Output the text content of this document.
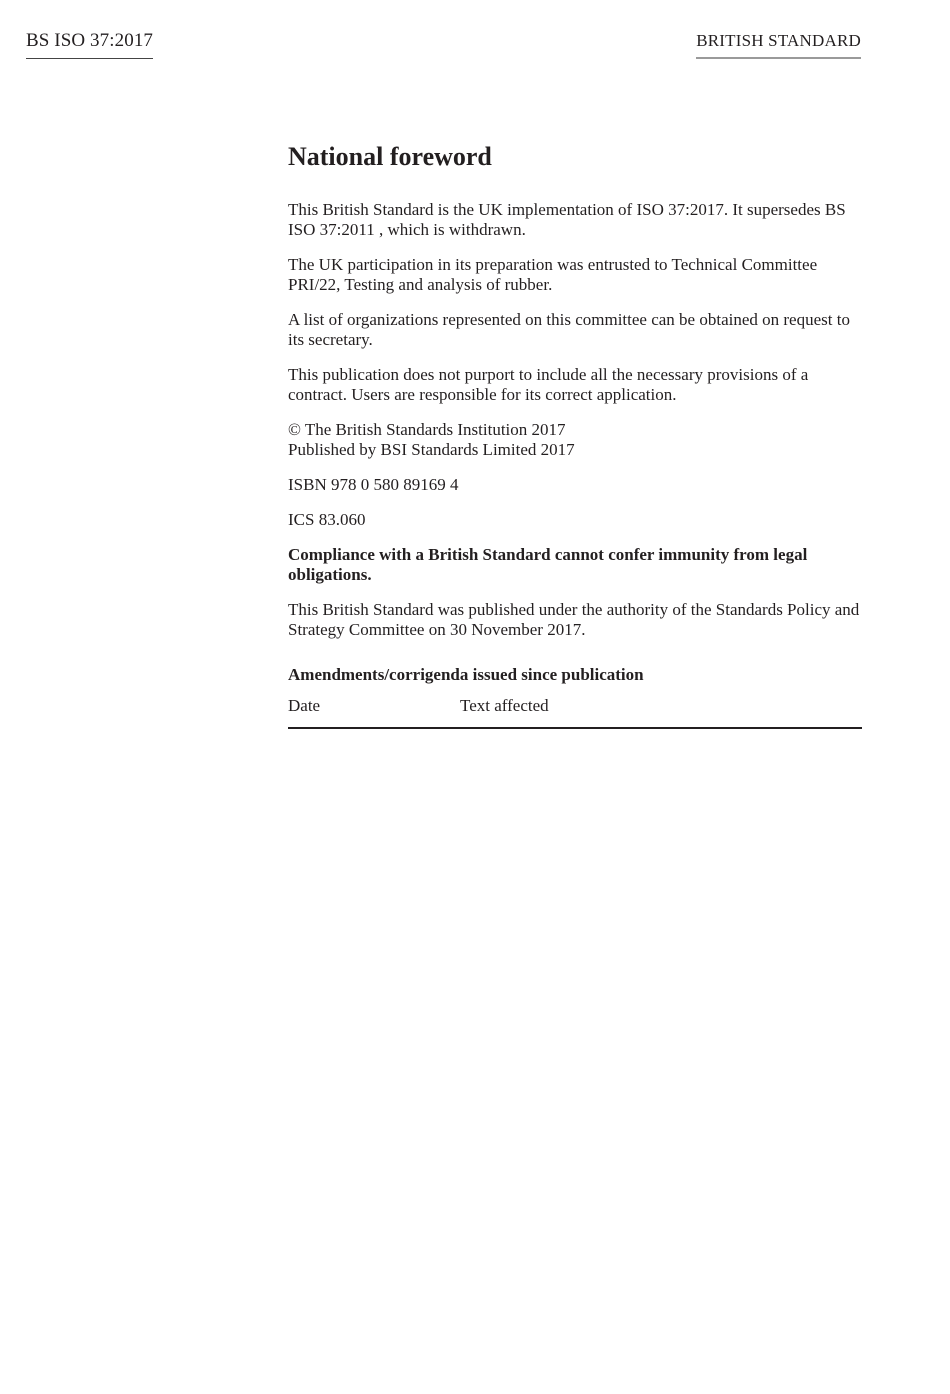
BS ISO 37:2017	BRITISH STANDARD
National foreword

This British Standard is the UK implementation of ISO 37:2017. It supersedes BS ISO 37:2011 , which is withdrawn.

The UK participation in its preparation was entrusted to Technical Committee PRI/22, Testing and analysis of rubber.

A list of organizations represented on this committee can be obtained on request to its secretary.

This publication does not purport to include all the necessary provisions of a contract. Users are responsible for its correct application.

© The British Standards Institution 2017
Published by BSI Standards Limited 2017

ISBN 978 0 580 89169 4

ICS 83.060

Compliance with a British Standard cannot confer immunity from legal obligations.

This British Standard was published under the authority of the Standards Policy and Strategy Committee on 30 November 2017.

Amendments/corrigenda issued since publication
Date	Text affected
